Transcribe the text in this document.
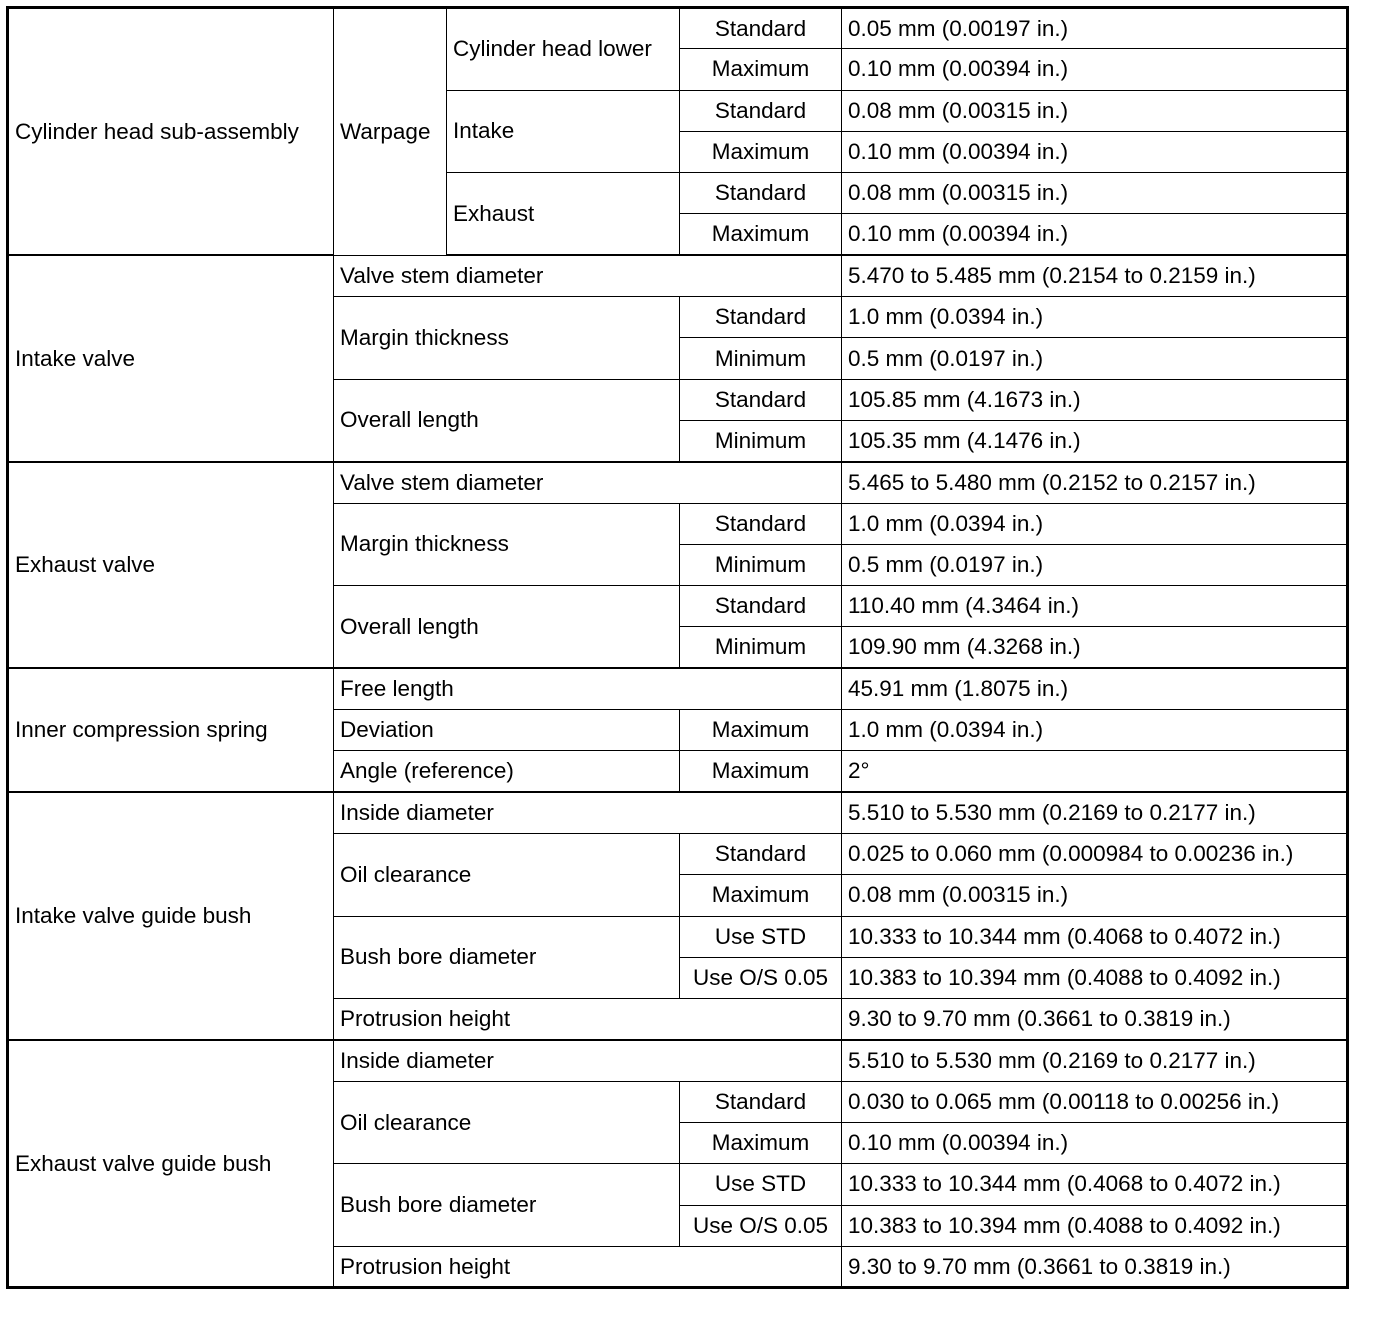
Cylinder head sub-assembly	Warpage	Cylinder head lower	Standard	0.05 mm (0.00197 in.)
			Maximum	0.10 mm (0.00394 in.)
		Intake	Standard	0.08 mm (0.00315 in.)
			Maximum	0.10 mm (0.00394 in.)
		Exhaust	Standard	0.08 mm (0.00315 in.)
			Maximum	0.10 mm (0.00394 in.)
Intake valve	Valve stem diameter			5.470 to 5.485 mm (0.2154 to 0.2159 in.)
	Margin thickness		Standard	1.0 mm (0.0394 in.)
			Minimum	0.5 mm (0.0197 in.)
	Overall length		Standard	105.85 mm (4.1673 in.)
			Minimum	105.35 mm (4.1476 in.)
Exhaust valve	Valve stem diameter			5.465 to 5.480 mm (0.2152 to 0.2157 in.)
	Margin thickness		Standard	1.0 mm (0.0394 in.)
			Minimum	0.5 mm (0.0197 in.)
	Overall length		Standard	110.40 mm (4.3464 in.)
			Minimum	109.90 mm (4.3268 in.)
Inner compression spring	Free length			45.91 mm (1.8075 in.)
	Deviation		Maximum	1.0 mm (0.0394 in.)
	Angle (reference)		Maximum	2°
Intake valve guide bush	Inside diameter			5.510 to 5.530 mm (0.2169 to 0.2177 in.)
	Oil clearance		Standard	0.025 to 0.060 mm (0.000984 to 0.00236 in.)
			Maximum	0.08 mm (0.00315 in.)
	Bush bore diameter		Use STD	10.333 to 10.344 mm (0.4068 to 0.4072 in.)
			Use O/S 0.05	10.383 to 10.394 mm (0.4088 to 0.4092 in.)
	Protrusion height			9.30 to 9.70 mm (0.3661 to 0.3819 in.)
Exhaust valve guide bush	Inside diameter			5.510 to 5.530 mm (0.2169 to 0.2177 in.)
	Oil clearance		Standard	0.030 to 0.065 mm (0.00118 to 0.00256 in.)
			Maximum	0.10 mm (0.00394 in.)
	Bush bore diameter		Use STD	10.333 to 10.344 mm (0.4068 to 0.4072 in.)
			Use O/S 0.05	10.383 to 10.394 mm (0.4088 to 0.4092 in.)
	Protrusion height			9.30 to 9.70 mm (0.3661 to 0.3819 in.)
